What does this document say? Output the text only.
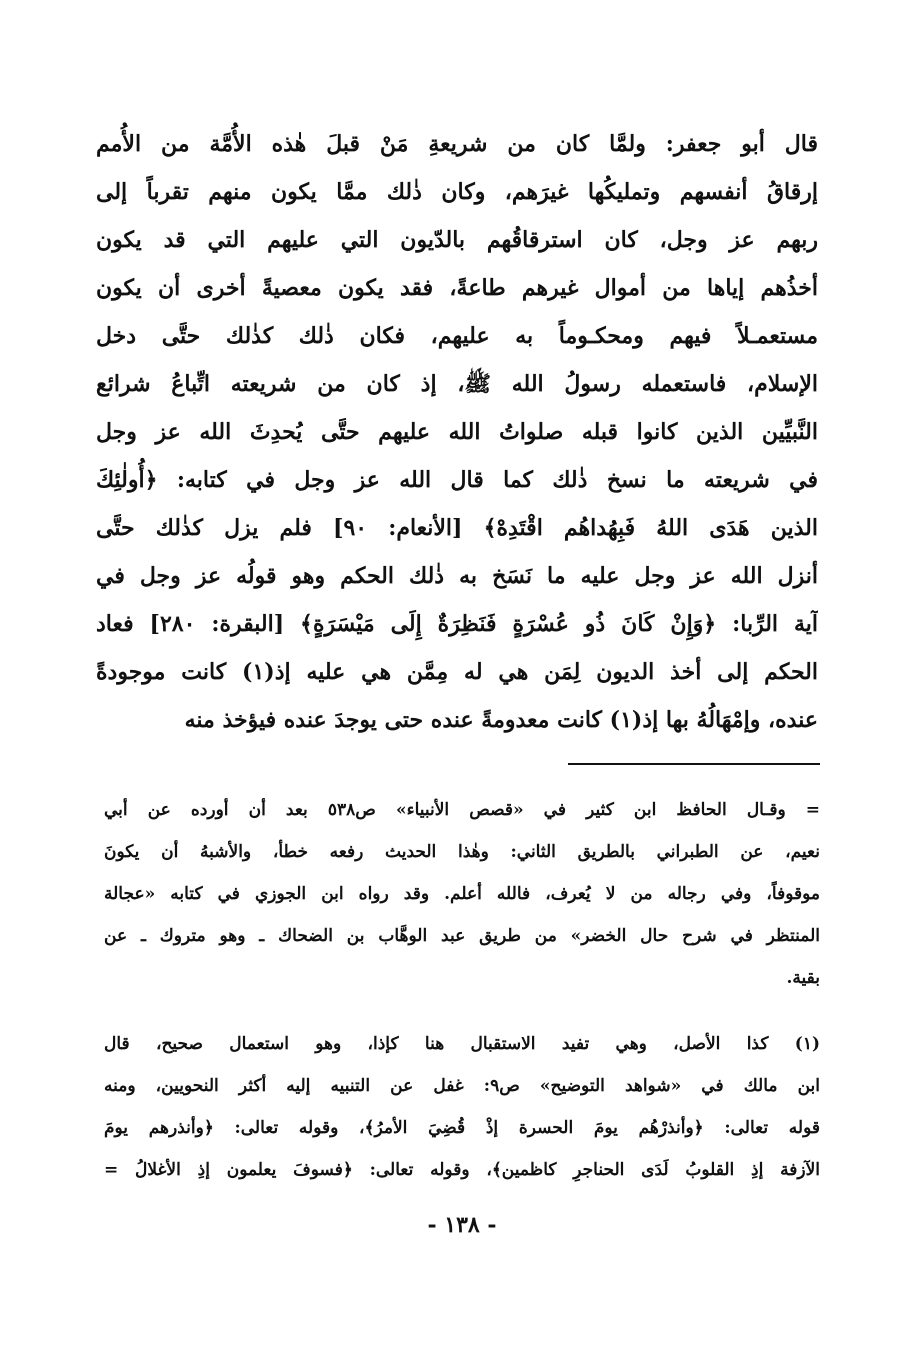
قال أبو جعفر: ولمَّا كان من شريعةِ مَنْ قبلَ هٰذه الأُمَّة من الأُمم
إرقاقُ أنفسهم وتمليكُها غيرَهم، وكان ذٰلك ممَّا يكون منهم تقرباً إلى
ربهم عز وجل، كان استرقاقُهم بالدّيون التي عليهم التي قد يكون
أخذُهم إياها من أموال غيرهم طاعةً، فقد يكون معصيةً أخرى أن يكون
مستعمـلاً فيهم ومحكـوماً به عليهم، فكان ذٰلك كذٰلك حتَّى دخل
الإسلام، فاستعمله رسولُ الله ﷺ، إذ كان من شريعته اتِّباعُ شرائع
النَّبيِّين الذين كانوا قبله صلواتُ الله عليهم حتَّى يُحدِثَ الله عز وجل
في شريعته ما نسخ ذٰلك كما قال الله عز وجل في كتابه: ﴿أُولٰئِكَ
الذين هَدَى اللهُ فَبِهُداهُم اقْتَدِهْ﴾ [الأنعام: ٩٠] فلم يزل كذٰلك حتَّى
أنزل الله عز وجل عليه ما نَسَخ به ذٰلك الحكم وهو قولُه عز وجل في
آية الرِّبا: ﴿وَإِنْ كَانَ ذُو عُسْرَةٍ فَنَظِرَةٌ إِلَى مَيْسَرَةٍ﴾ [البقرة: ٢٨٠] فعاد
الحكم إلى أخذ الديون لِمَن هي له مِمَّن هي عليه إذ(١) كانت موجودةً
عنده، وإمْهَالُهُ بها إذ(١) كانت معدومةً عنده حتى يوجدَ عنده فيؤخذ منه
= وقـال الحافظ ابن كثير في «قصص الأنبياء» ص٥٣٨ بعد أن أورده عن أبي
نعيم، عن الطبراني بالطريق الثاني: وهٰذا الحديث رفعه خطأ، والأشبهُ أن يكونَ
موقوفاً، وفي رجاله من لا يُعرف، فالله أعلم. وقد رواه ابن الجوزي في كتابه «عجالة
المنتظر في شرح حال الخضر» من طريق عبد الوهَّاب بن الضحاك ـ وهو متروك ـ عن
بقية.
(١) كذا الأصل، وهي تفيد الاستقبال هنا كإذا، وهو استعمال صحيح، قال
ابن مالك في «شواهد التوضيح» ص٩: غفل عن التنبيه إليه أكثر النحويين، ومنه
قوله تعالى: ﴿وأنذرْهُم يومَ الحسرة إذْ قُضِيَ الأمرُ﴾، وقوله تعالى: ﴿وأنذرهم يومَ
الآزفة إذِ القلوبُ لَدَى الحناجرِ كاظمين﴾، وقوله تعالى: ﴿فسوفَ يعلمون إذِ الأغلالُ =
- ١٣٨ -
